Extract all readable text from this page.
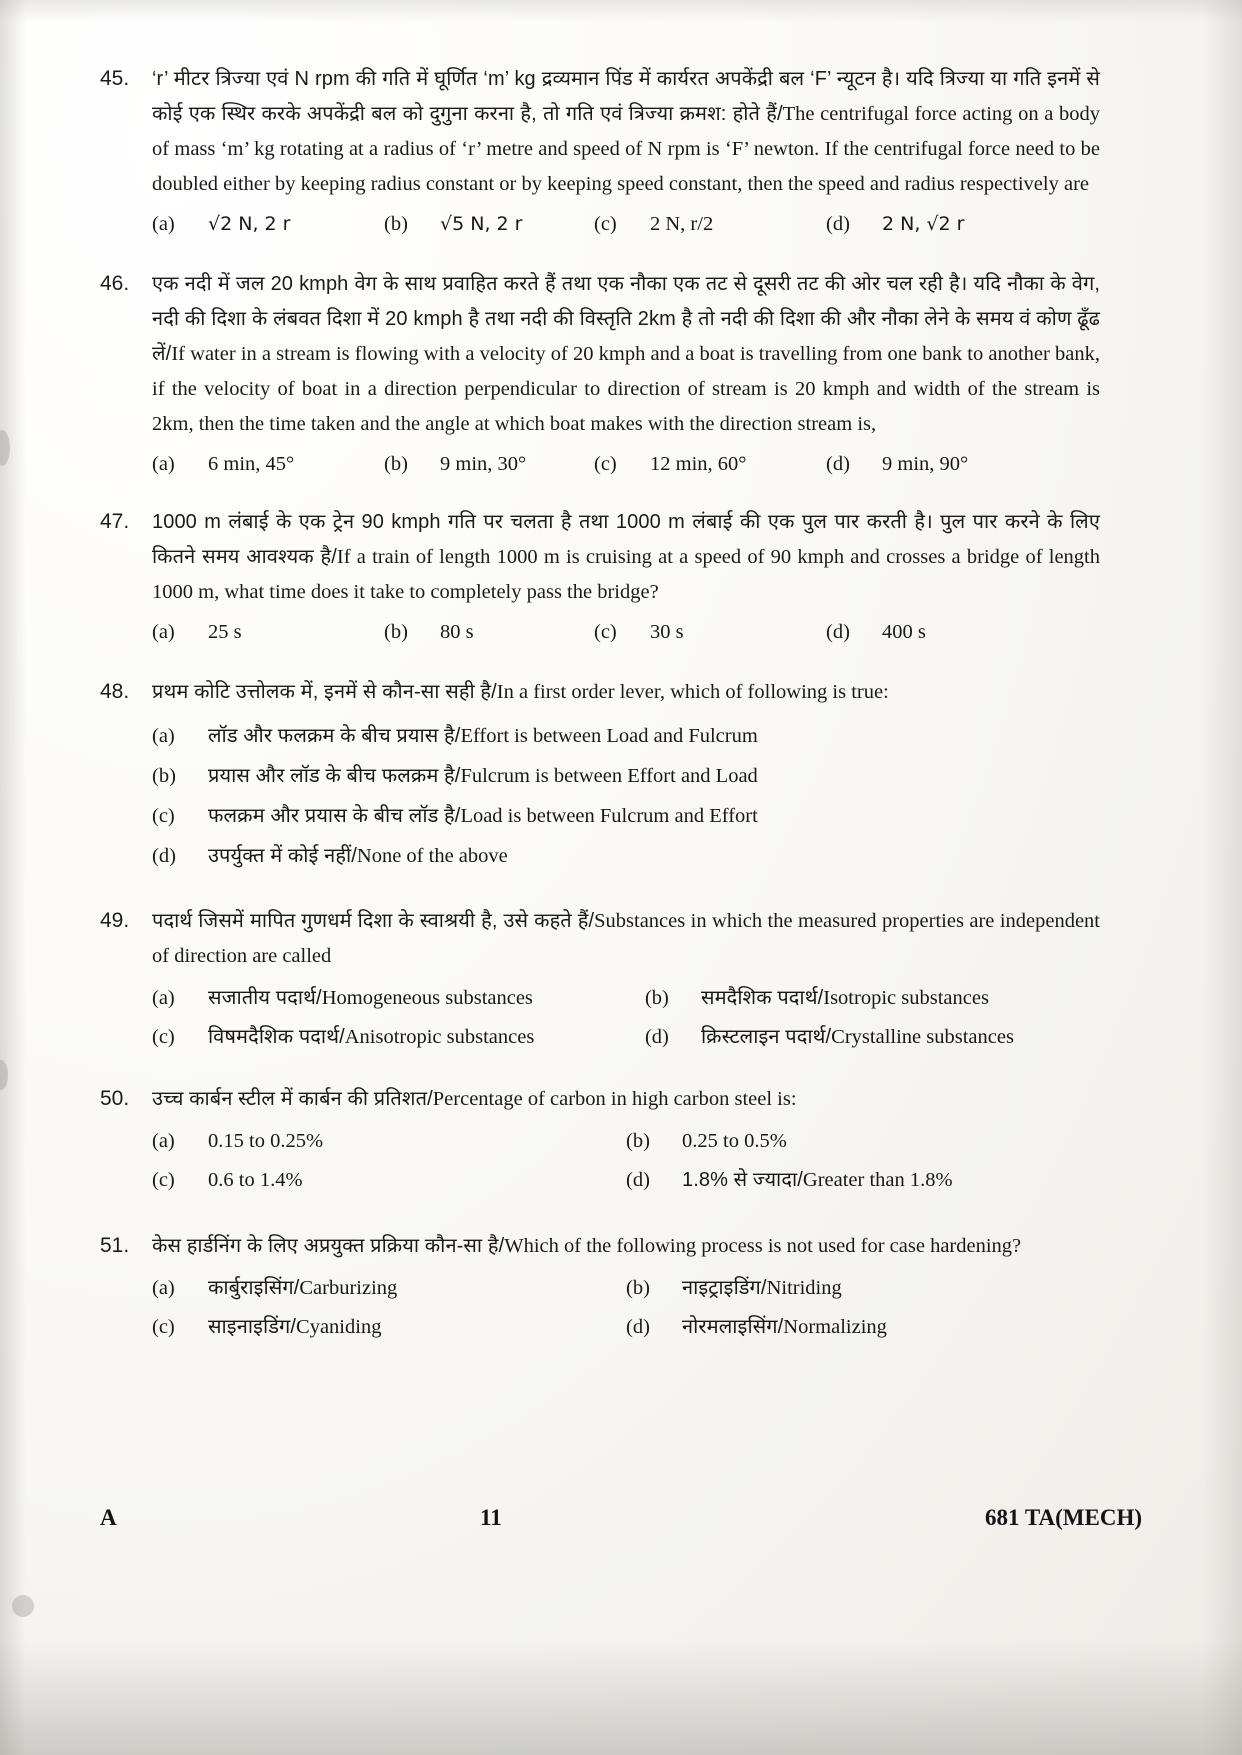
45.	‘r’ मीटर त्रिज्या एवं N rpm की गति में घूर्णित ‘m’ kg द्रव्यमान पिंड में कार्यरत अपकेंद्री बल ‘F’ न्यूटन है। यदि त्रिज्या या गति इनमें से कोई एक स्थिर करके अपकेंद्री बल को दुगुना करना है, तो गति एवं त्रिज्या क्रमश: होते हैं/The centrifugal force acting on a body of mass ‘m’ kg rotating at a radius of ‘r’ metre and speed of N rpm is ‘F’ newton. If the centrifugal force need to be doubled either by keeping radius constant or by keeping speed constant, then the speed and radius respectively are
(a)	√2 N, 2 r	(b)	√5 N, 2 r	(c)	2 N, r/2	(d)	2 N, √2 r
46.	एक नदी में जल 20 kmph वेग के साथ प्रवाहित करते हैं तथा एक नौका एक तट से दूसरी तट की ओर चल रही है। यदि नौका के वेग, नदी की दिशा के लंबवत दिशा में 20 kmph है तथा नदी की विस्तृति 2km है तो नदी की दिशा की और नौका लेने के समय वं कोण ढूँढ लें/If water in a stream is flowing with a velocity of 20 kmph and a boat is travelling from one bank to another bank, if the velocity of boat in a direction perpendicular to direction of stream is 20 kmph and width of the stream is 2km, then the time taken and the angle at which boat makes with the direction stream is,
(a)	6 min, 45°	(b)	9 min, 30°	(c)	12 min, 60°	(d)	9 min, 90°
47.	1000 m लंबाई के एक ट्रेन 90 kmph गति पर चलता है तथा 1000 m लंबाई की एक पुल पार करती है। पुल पार करने के लिए कितने समय आवश्यक है/If a train of length 1000 m is cruising at a speed of 90 kmph and crosses a bridge of length 1000 m, what time does it take to completely pass the bridge?
(a)	25 s	(b)	80 s	(c)	30 s	(d)	400 s
48.	प्रथम कोटि उत्तोलक में, इनमें से कौन-सा सही है/In a first order lever, which of following is true:
(a)	लॉड और फलक्रम के बीच प्रयास है/Effort is between Load and Fulcrum
(b)	प्रयास और लॉड के बीच फलक्रम है/Fulcrum is between Effort and Load
(c)	फलक्रम और प्रयास के बीच लॉड है/Load is between Fulcrum and Effort
(d)	उपर्युक्त में कोई नहीं/None of the above
49.	पदार्थ जिसमें मापित गुणधर्म दिशा के स्वाश्रयी है, उसे कहते हैं/Substances in which the measured properties are independent of direction are called
(a)	सजातीय पदार्थ/Homogeneous substances	(b)	समदैशिक पदार्थ/Isotropic substances
(c)	विषमदैशिक पदार्थ/Anisotropic substances	(d)	क्रिस्टलाइन पदार्थ/Crystalline substances
50.	उच्च कार्बन स्टील में कार्बन की प्रतिशत/Percentage of carbon in high carbon steel is:
(a)	0.15 to 0.25%	(b)	0.25 to 0.5%
(c)	0.6 to 1.4%	(d)	1.8% से ज्यादा/Greater than 1.8%
51.	केस हार्डनिंग के लिए अप्रयुक्त प्रक्रिया कौन-सा है/Which of the following process is not used for case hardening?
(a)	कार्बुराइसिंग/Carburizing	(b)	नाइट्राइडिंग/Nitriding
(c)	साइनाइडिंग/Cyaniding	(d)	नोरमलाइसिंग/Normalizing
A	11	681 TA(MECH)
